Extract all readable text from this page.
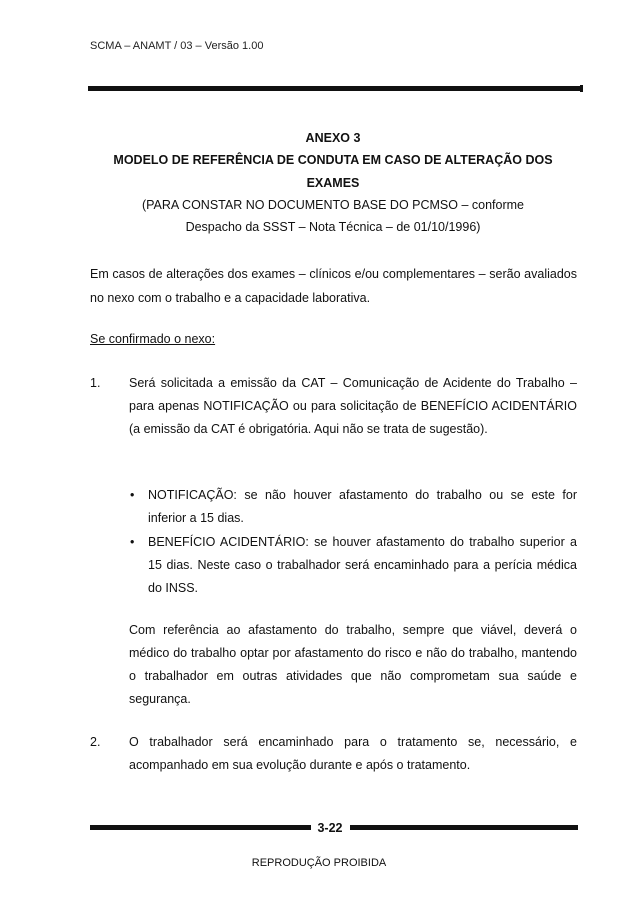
SCMA – ANAMT / 03 – Versão 1.00
ANEXO 3
MODELO DE REFERÊNCIA DE CONDUTA EM CASO DE ALTERAÇÃO DOS
EXAMES
(PARA CONSTAR NO DOCUMENTO BASE DO PCMSO – conforme
Despacho da SSST – Nota Técnica – de 01/10/1996)
Em casos de alterações dos exames – clínicos e/ou complementares – serão avaliados no nexo com o trabalho e a capacidade laborativa.
Se confirmado o nexo:
1. Será solicitada a emissão da CAT – Comunicação de Acidente do Trabalho – para apenas NOTIFICAÇÃO ou para solicitação de BENEFÍCIO ACIDENTÁRIO (a emissão da CAT é obrigatória. Aqui não se trata de sugestão).
• NOTIFICAÇÃO: se não houver afastamento do trabalho ou se este for inferior a 15 dias.
• BENEFÍCIO ACIDENTÁRIO: se houver afastamento do trabalho superior a 15 dias. Neste caso o trabalhador será encaminhado para a perícia médica do INSS.
Com referência ao afastamento do trabalho, sempre que viável, deverá o médico do trabalho optar por afastamento do risco e não do trabalho, mantendo o trabalhador em outras atividades que não comprometam sua saúde e segurança.
2. O trabalhador será encaminhado para o tratamento se, necessário, e acompanhado em sua evolução durante e após o tratamento.
3-22
REPRODUÇÃO PROIBIDA
